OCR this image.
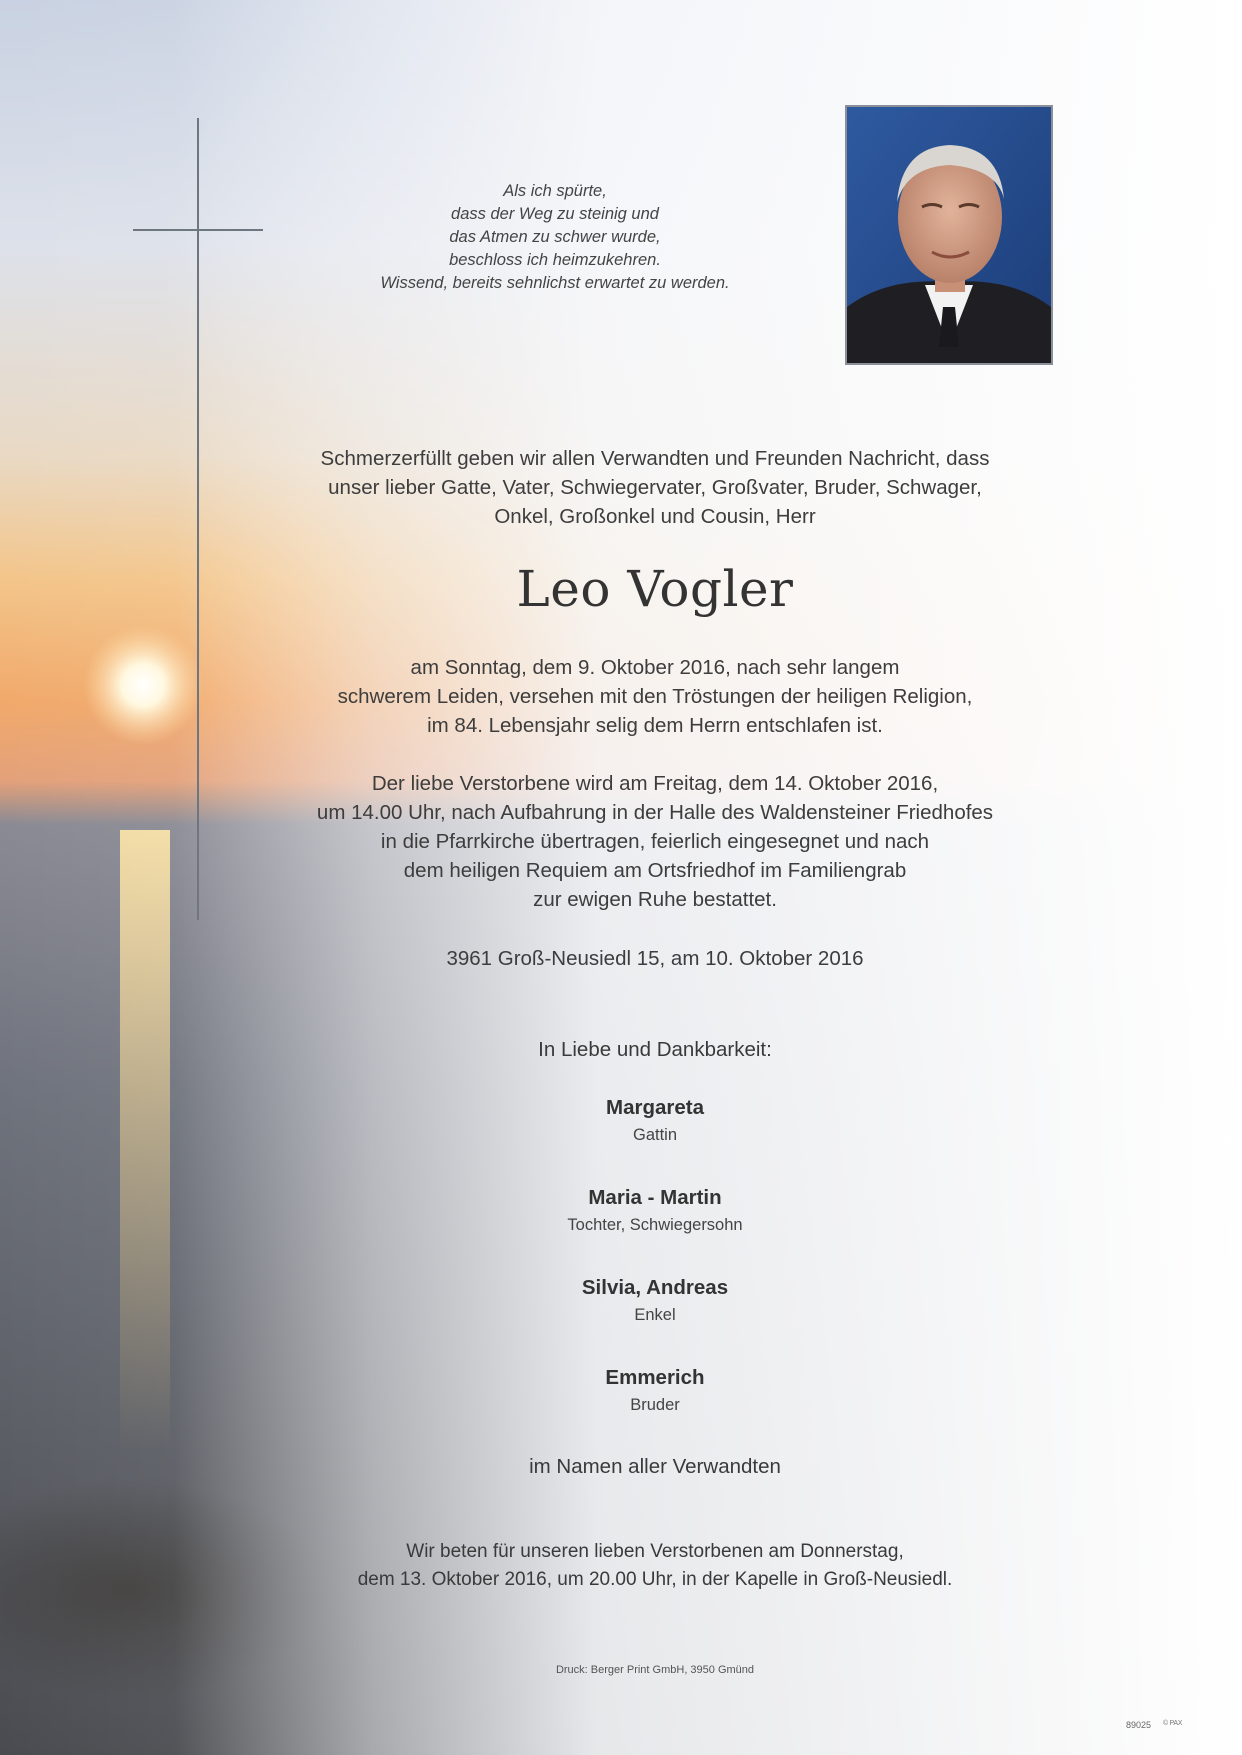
Als ich spürte,
dass der Weg zu steinig und
das Atmen zu schwer wurde,
beschloss ich heimzukehren.
Wissend, bereits sehnlichst erwartet zu werden.
Schmerzerfüllt geben wir allen Verwandten und Freunden Nachricht, dass
unser lieber Gatte, Vater, Schwiegervater, Großvater, Bruder, Schwager,
Onkel, Großonkel und Cousin, Herr
Leo Vogler
am Sonntag, dem 9. Oktober 2016, nach sehr langem
schwerem Leiden, versehen mit den Tröstungen der heiligen Religion,
im 84. Lebensjahr selig dem Herrn entschlafen ist.
Der liebe Verstorbene wird am Freitag, dem 14. Oktober 2016,
um 14.00 Uhr, nach Aufbahrung in der Halle des Waldensteiner Friedhofes
in die Pfarrkirche übertragen, feierlich eingesegnet und nach
dem heiligen Requiem am Ortsfriedhof im Familiengrab
zur ewigen Ruhe bestattet.
3961 Groß-Neusiedl 15, am 10. Oktober 2016
In Liebe und Dankbarkeit:
Margareta
Gattin
Maria - Martin
Tochter, Schwiegersohn
Silvia, Andreas
Enkel
Emmerich
Bruder
im Namen aller Verwandten
Wir beten für unseren lieben Verstorbenen am Donnerstag,
dem 13. Oktober 2016, um 20.00 Uhr, in der Kapelle in Groß-Neusiedl.
Druck: Berger Print GmbH, 3950 Gmünd
89025 © PAX
